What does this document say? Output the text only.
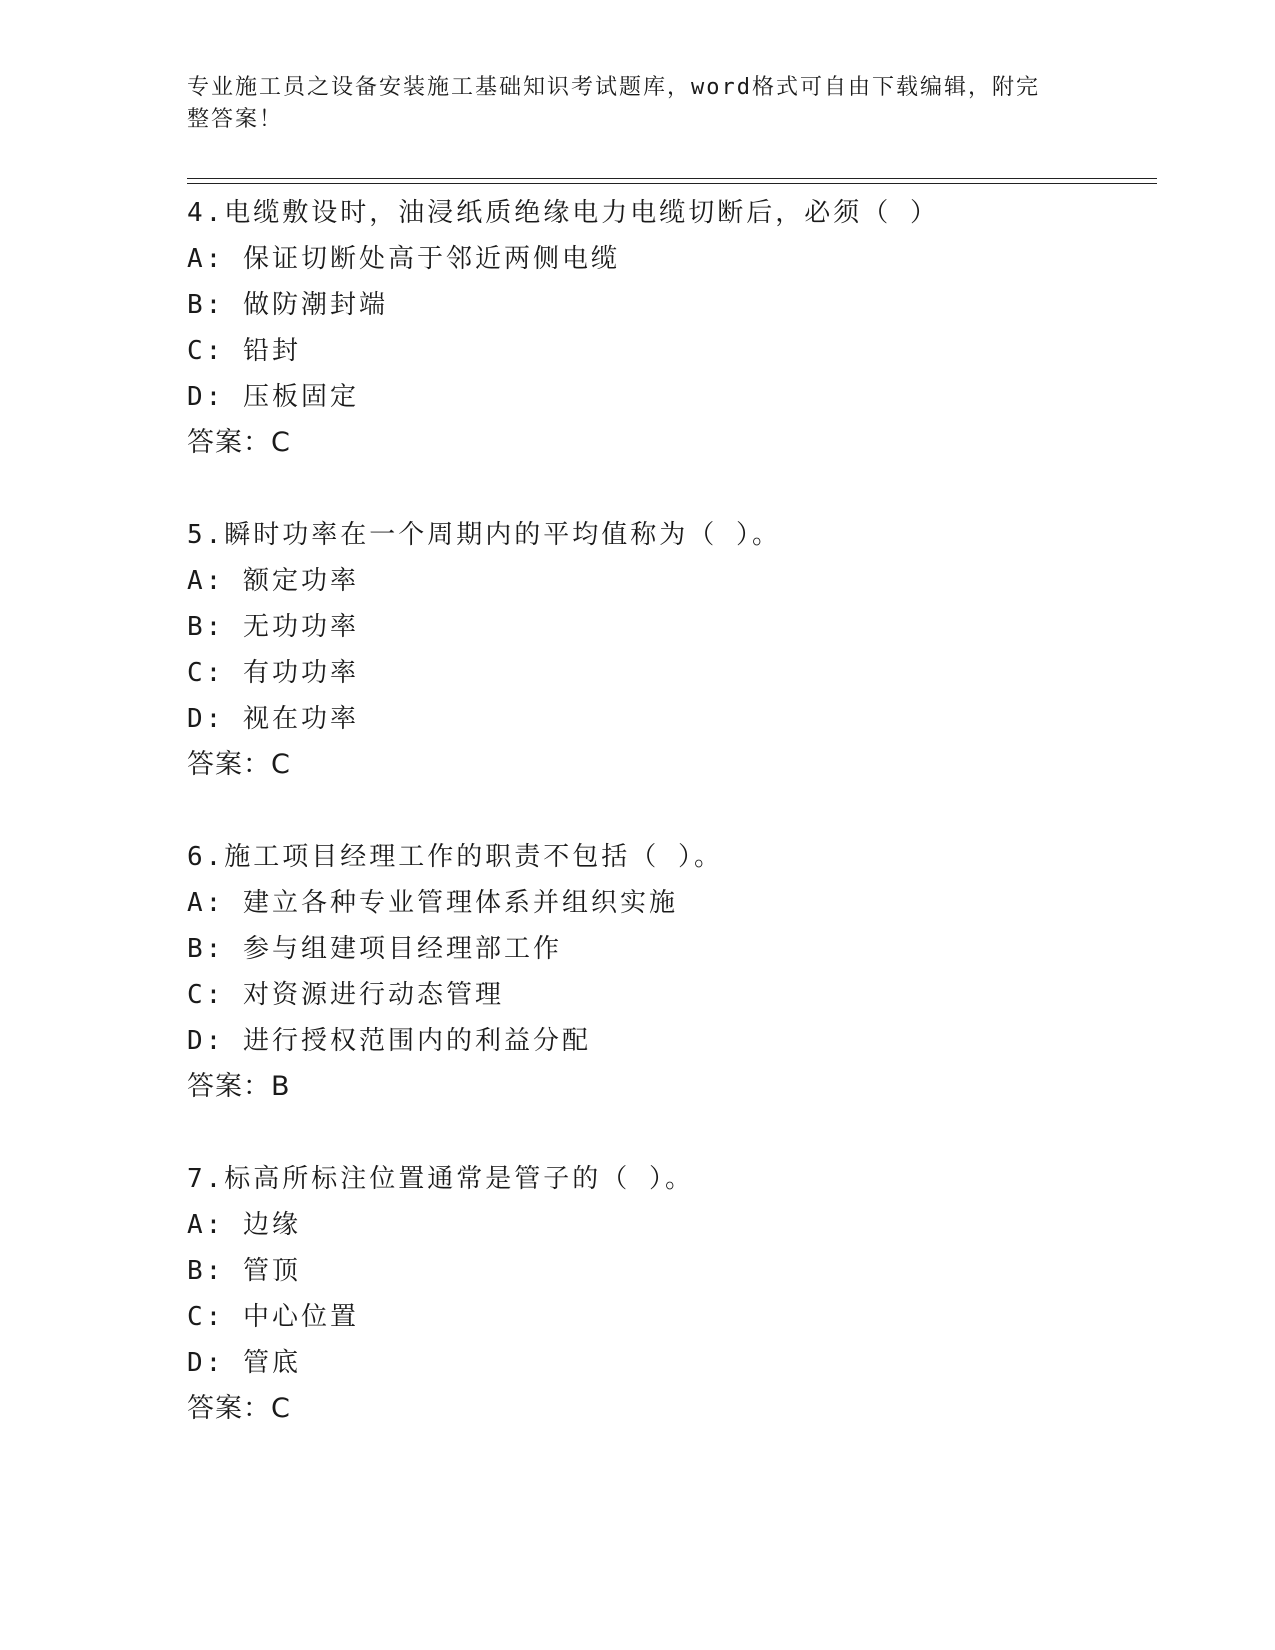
专业施工员之设备安装施工基础知识考试题库，word格式可自由下载编辑，附完
整答案！
4.电缆敷设时，油浸纸质绝缘电力电缆切断后，必须（ ）
A: 保证切断处高于邻近两侧电缆
B: 做防潮封端
C: 铅封
D: 压板固定
答案：C
5.瞬时功率在一个周期内的平均值称为（ ）。
A: 额定功率
B: 无功功率
C: 有功功率
D: 视在功率
答案：C
6.施工项目经理工作的职责不包括（ ）。
A: 建立各种专业管理体系并组织实施
B: 参与组建项目经理部工作
C: 对资源进行动态管理
D: 进行授权范围内的利益分配
答案：B
7.标高所标注位置通常是管子的（ ）。
A: 边缘
B: 管顶
C: 中心位置
D: 管底
答案：C
